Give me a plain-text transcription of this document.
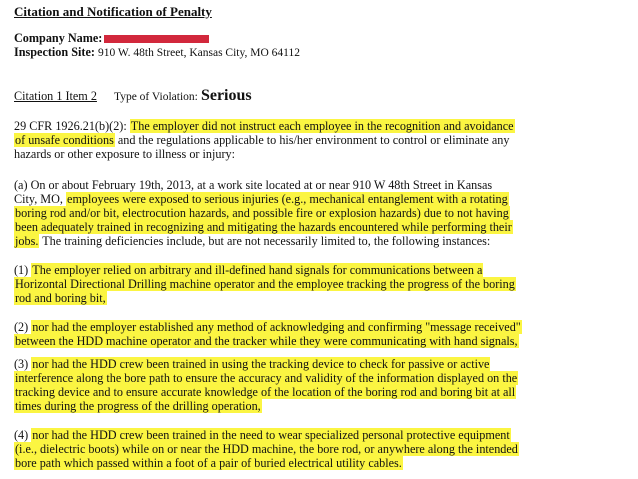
Citation and Notification of Penalty
Company Name:
Inspection Site: 910 W. 48th Street, Kansas City, MO 64112
Citation 1 Item 2 Type of Violation: Serious
29 CFR 1926.21(b)(2): The employer did not instruct each employee in the recognition and avoidance
of unsafe conditions and the regulations applicable to his/her environment to control or eliminate any
hazards or other exposure to illness or injury:
(a) On or about February 19th, 2013, at a work site located at or near 910 W 48th Street in Kansas
City, MO, employees were exposed to serious injuries (e.g., mechanical entanglement with a rotating
boring rod and/or bit, electrocution hazards, and possible fire or explosion hazards) due to not having
been adequately trained in recognizing and mitigating the hazards encountered while performing their
jobs. The training deficiencies include, but are not necessarily limited to, the following instances:
(1) The employer relied on arbitrary and ill-defined hand signals for communications between a
Horizontal Directional Drilling machine operator and the employee tracking the progress of the boring
rod and boring bit,
(2) nor had the employer established any method of acknowledging and confirming "message received"
between the HDD machine operator and the tracker while they were communicating with hand signals,
(3) nor had the HDD crew been trained in using the tracking device to check for passive or active
interference along the bore path to ensure the accuracy and validity of the information displayed on the
tracking device and to ensure accurate knowledge of the location of the boring rod and boring bit at all
times during the progress of the drilling operation,
(4) nor had the HDD crew been trained in the need to wear specialized personal protective equipment
(i.e., dielectric boots) while on or near the HDD machine, the bore rod, or anywhere along the intended
bore path which passed within a foot of a pair of buried electrical utility cables.
